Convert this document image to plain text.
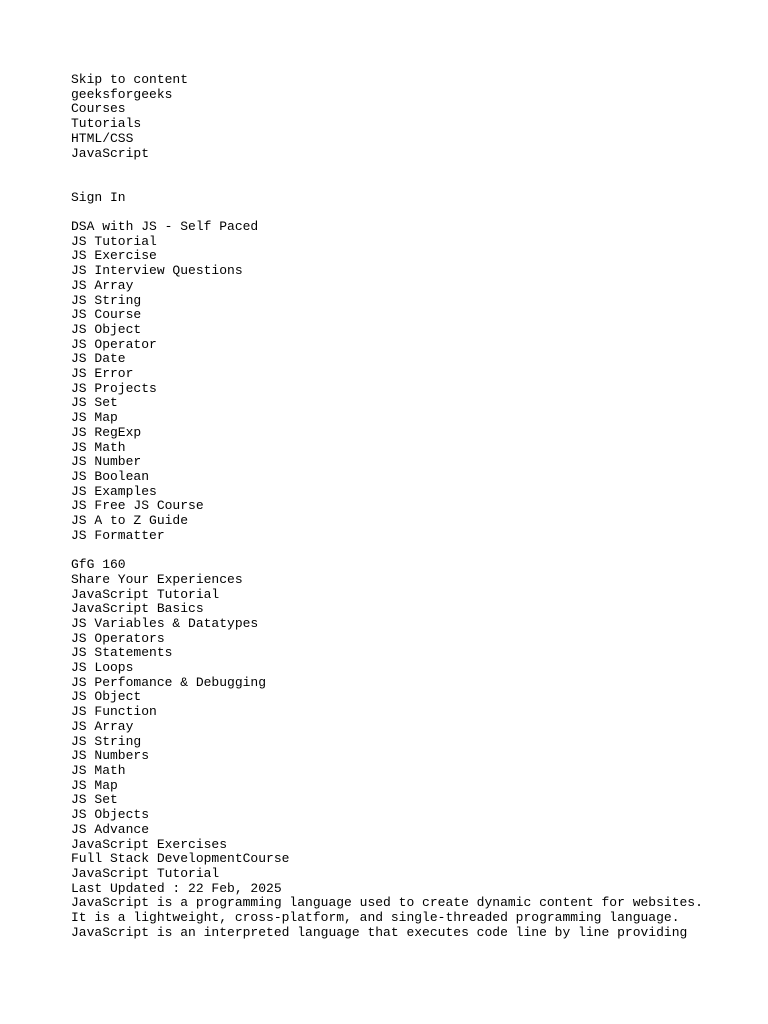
Skip to content
geeksforgeeks
Courses
Tutorials
HTML/CSS
JavaScript
Sign In
DSA with JS - Self Paced
JS Tutorial
JS Exercise
JS Interview Questions
JS Array
JS String
JS Course
JS Object
JS Operator
JS Date
JS Error
JS Projects
JS Set
JS Map
JS RegExp
JS Math
JS Number
JS Boolean
JS Examples
JS Free JS Course
JS A to Z Guide
JS Formatter
GfG 160
Share Your Experiences
JavaScript Tutorial
JavaScript Basics
JS Variables & Datatypes
JS Operators
JS Statements
JS Loops
JS Perfomance & Debugging
JS Object
JS Function
JS Array
JS String
JS Numbers
JS Math
JS Map
JS Set
JS Objects
JS Advance
JavaScript Exercises
Full Stack DevelopmentCourse
JavaScript Tutorial
Last Updated : 22 Feb, 2025
JavaScript is a programming language used to create dynamic content for websites.
It is a lightweight, cross-platform, and single-threaded programming language.
JavaScript is an interpreted language that executes code line by line providing
